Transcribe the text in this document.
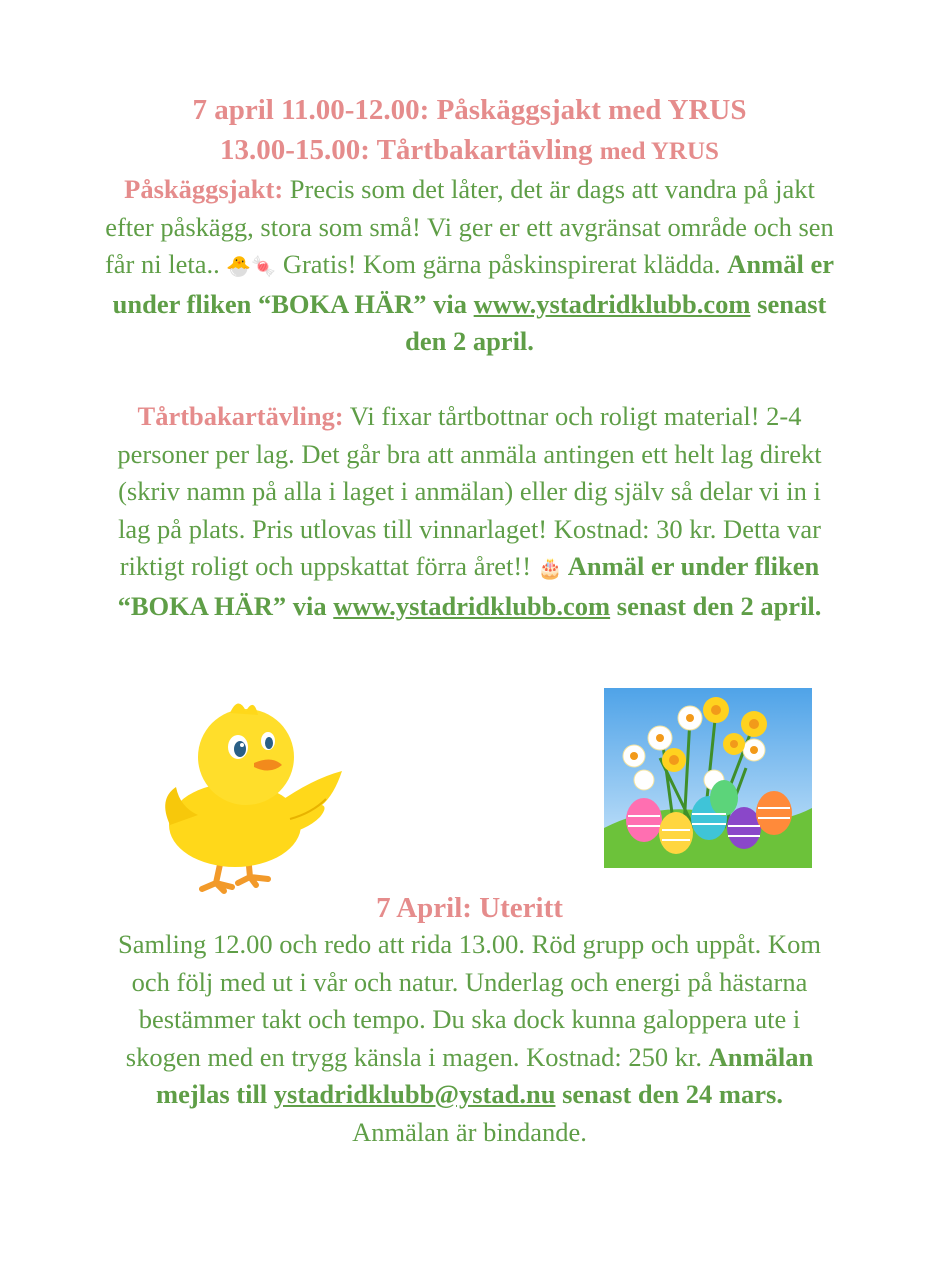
7 april 11.00-12.00: Påskäggsjakt med YRUS
13.00-15.00: Tårtbakartävling med YRUS
Påskäggsjakt: Precis som det låter, det är dags att vandra på jakt efter påskägg, stora som små! Vi ger er ett avgränsat område och sen får ni leta.. 🐣🍬 Gratis! Kom gärna påskinspirerat klädda. Anmäl er under fliken “BOKA HÄR” via www.ystadridklubb.com senast den 2 april.
Tårtbakartävling: Vi fixar tårtbottnar och roligt material! 2-4 personer per lag. Det går bra att anmäla antingen ett helt lag direkt (skriv namn på alla i laget i anmälan) eller dig själv så delar vi in i lag på plats. Pris utlovas till vinnarlaget! Kostnad: 30 kr. Detta var riktigt roligt och uppskattat förra året!! 🎂 Anmäl er under fliken “BOKA HÄR” via www.ystadridklubb.com senast den 2 april.
7 April: Uteritt
Samling 12.00 och redo att rida 13.00. Röd grupp och uppåt. Kom och följ med ut i vår och natur. Underlag och energi på hästarna bestämmer takt och tempo. Du ska dock kunna galoppera ute i skogen med en trygg känsla i magen. Kostnad: 250 kr. Anmälan mejlas till ystadridklubb@ystad.nu senast den 24 mars.
Anmälan är bindande.
